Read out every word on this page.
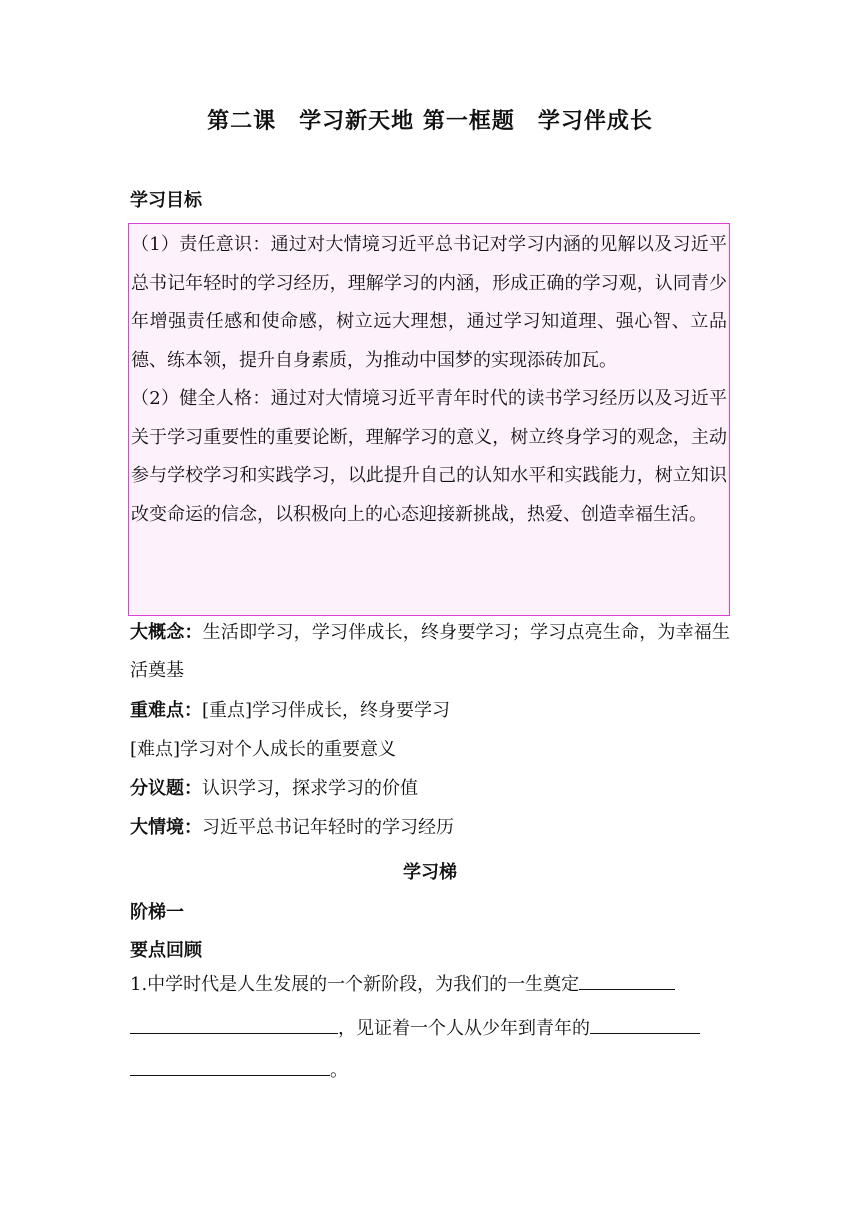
第二课　学习新天地 第一框题　学习伴成长
学习目标

（1）责任意识：通过对大情境习近平总书记对学习内涵的见解以及习近平总书记年轻时的学习经历，理解学习的内涵，形成正确的学习观，认同青少年增强责任感和使命感，树立远大理想，通过学习知道理、强心智、立品德、练本领，提升自身素质，为推动中国梦的实现添砖加瓦。

（2）健全人格：通过对大情境习近平青年时代的读书学习经历以及习近平关于学习重要性的重要论断，理解学习的意义，树立终身学习的观念，主动参与学校学习和实践学习，以此提升自己的认知水平和实践能力，树立知识改变命运的信念，以积极向上的心态迎接新挑战，热爱、创造幸福生活。

大概念：生活即学习，学习伴成长，终身要学习；学习点亮生命，为幸福生活奠基

重难点：[重点]学习伴成长，终身要学习

[难点]学习对个人成长的重要意义

分议题：认识学习，探求学习的价值

大情境：习近平总书记年轻时的学习经历

学习梯
阶梯一
要点回顾

1.中学时代是人生发展的一个新阶段，为我们的一生奠定

，见证着一个人从少年到青年的

。
